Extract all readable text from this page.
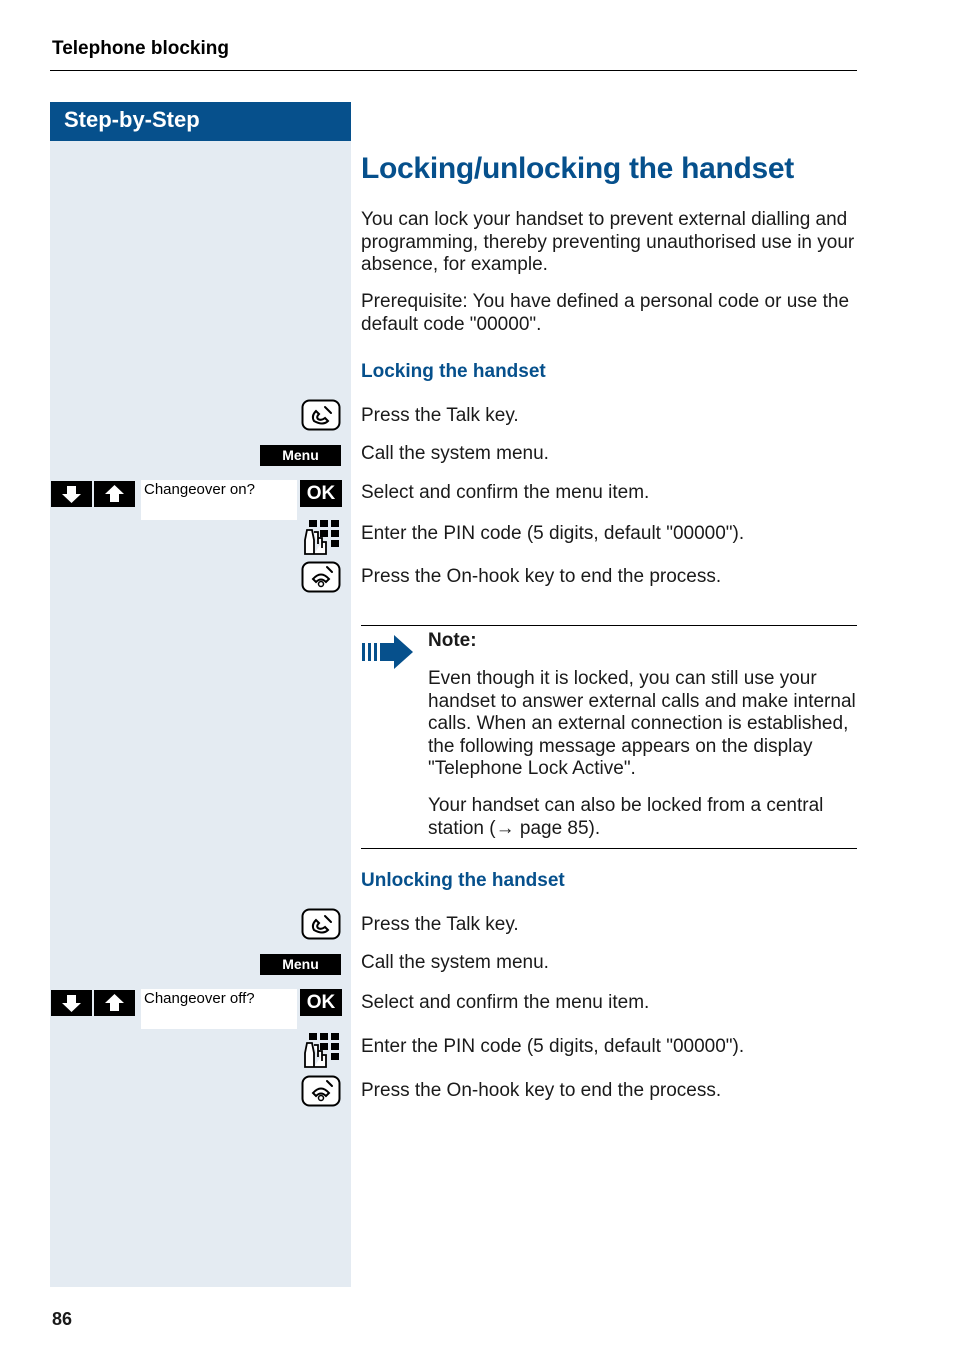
Telephone blocking
Step-by-Step
Locking/unlocking the handset
You can lock your handset to prevent external dialling and programming, thereby preventing unauthorised use in your absence, for example.
Prerequisite: You have defined a personal code or use the default code "00000".
Locking the handset
Press the Talk key.
Menu	Call the system menu.
Changeover on?	OK	Select and confirm the menu item.
Enter the PIN code (5 digits, default "00000").
Press the On-hook key to end the process.
Note:
Even though it is locked, you can still use your handset to answer external calls and make internal calls. When an external connection is established, the following message appears on the display "Telephone Lock Active".
Your handset can also be locked from a central station (→ page 85).
Unlocking the handset
Press the Talk key.
Menu	Call the system menu.
Changeover off?	OK	Select and confirm the menu item.
Enter the PIN code (5 digits, default "00000").
Press the On-hook key to end the process.
86
